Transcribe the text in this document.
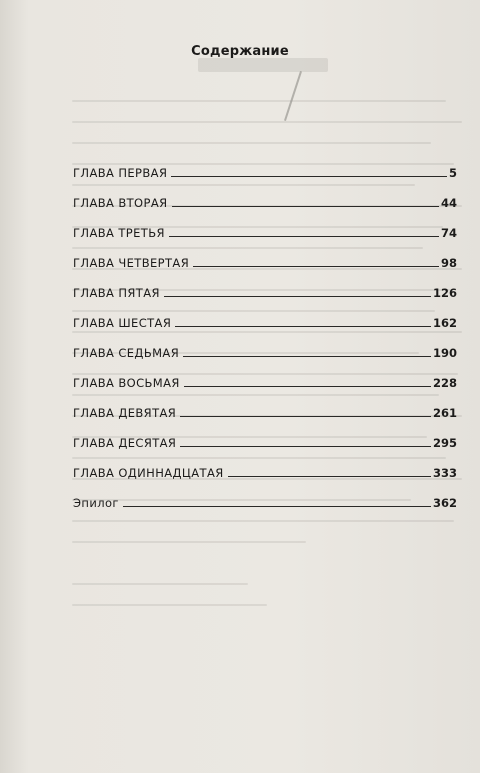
Содержание
ГЛАВА ПЕРВАЯ	5
ГЛАВА ВТОРАЯ	44
ГЛАВА ТРЕТЬЯ	74
ГЛАВА ЧЕТВЕРТАЯ	98
ГЛАВА ПЯТАЯ	126
ГЛАВА ШЕСТАЯ	162
ГЛАВА СЕДЬМАЯ	190
ГЛАВА ВОСЬМАЯ	228
ГЛАВА ДЕВЯТАЯ	261
ГЛАВА ДЕСЯТАЯ	295
ГЛАВА ОДИННАДЦАТАЯ	333
Эпилог	362
